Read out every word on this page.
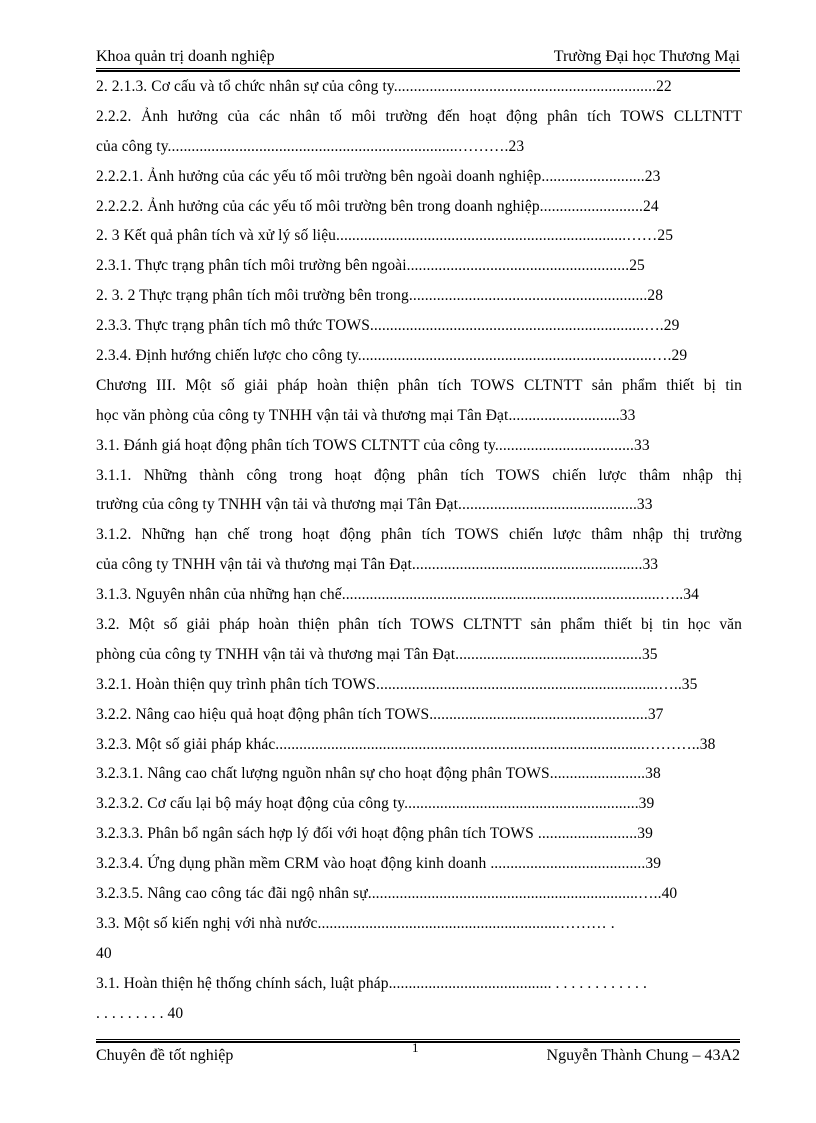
Khoa quản trị doanh nghiệp	Trường Đại học Thương Mại
2. 2.1.3. Cơ cấu và tổ chức nhân sự của công ty..................................................................22
2.2.2. Ảnh hưởng của các nhân tố môi trường đến hoạt động phân tích TOWS CLLTNTT
của công ty.........................................................................……….23
2.2.2.1. Ảnh hưởng của các yếu tố môi trường bên ngoài doanh nghiệp..........................23
2.2.2.2. Ảnh hưởng của các yếu tố môi trường bên trong doanh nghiệp..........................24
2. 3 Kết quả phân tích và xử lý số liệu.........................................................................……25
2.3.1. Thực trạng phân tích môi trường bên ngoài........................................................25
2. 3. 2 Thực trạng phân tích môi trường bên trong............................................................28
2.3.3. Thực trạng phân tích mô thức TOWS.....................................................................….29
2.3.4. Định hướng chiến lược cho công ty..........................................................................….29
Chương III. Một số giải pháp hoàn thiện phân tích TOWS CLTNTT sản phẩm thiết bị tin
học văn phòng của công ty TNHH vận tải và thương mại Tân Đạt............................33
3.1. Đánh giá hoạt động phân tích TOWS CLTNTT của công ty...................................33
3.1.1. Những thành công trong hoạt động phân tích TOWS chiến lược thâm nhập thị
trường của công ty TNHH vận tải và thương mại Tân Đạt.............................................33
3.1.2. Những hạn chế trong hoạt động phân tích TOWS chiến lược thâm nhập thị trường
của công ty TNHH vận tải và thương mại Tân Đạt..........................................................33
3.1.3. Nguyên nhân của những hạn chế................................................................................…..34
3.2. Một số giải pháp hoàn thiện phân tích TOWS CLTNTT sản phẩm thiết bị tin học văn
phòng của công ty TNHH vận tải và thương mại Tân Đạt...............................................35
3.2.1. Hoàn thiện quy trình phân tích TOWS.......................................................................…..35
3.2.2. Nâng cao hiệu quả hoạt động phân tích TOWS.......................................................37
3.2.3. Một số giải pháp khác.............................................................................................………..38
3.2.3.1. Nâng cao chất lượng nguồn nhân sự cho hoạt động phân TOWS........................38
3.2.3.2. Cơ cấu lại bộ máy hoạt động của công ty...........................................................39
3.2.3.3. Phân bổ ngân sách hợp lý đối với hoạt động phân tích TOWS .........................39
3.2.3.4. Ứng dụng phần mềm CRM vào hoạt động kinh doanh .......................................39
3.2.3.5. Nâng cao công tác đãi ngộ nhân sự....................................................................…..40
3.3. Một số kiến nghị với nhà nước.............................................................……… .
40
3.1. Hoàn thiện hệ thống chính sách, luật pháp......................................... . . . . . . . . . . . .
. . . . . . . . . 40
Chuyên đề tốt nghiệp	1	Nguyễn Thành Chung – 43A2
